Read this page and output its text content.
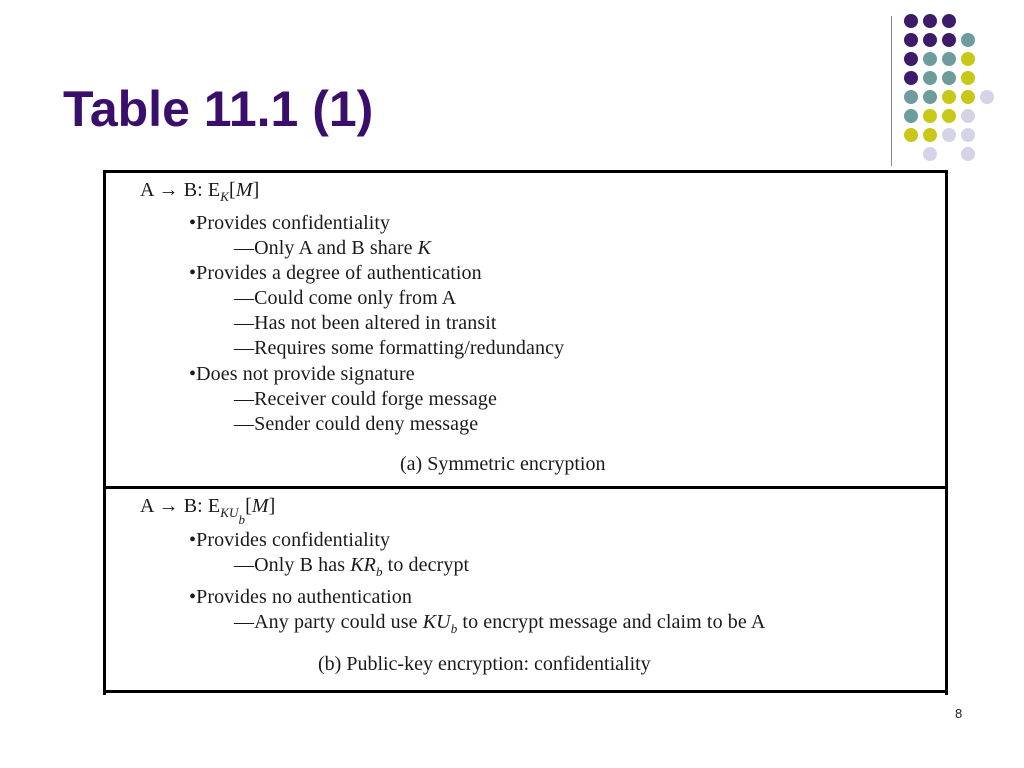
Table 11.1 (1)
A → B: $E_K[M]$
•Provides confidentiality
—Only A and B share K
•Provides a degree of authentication
—Could come only from A
—Has not been altered in transit
—Requires some formatting/redundancy
•Does not provide signature
—Receiver could forge message
—Sender could deny message
(a) Symmetric encryption
A → B: $E_{KUb}[M]$
•Provides confidentiality
—Only B has $KR_b$ to decrypt
•Provides no authentication
—Any party could use $KU_b$ to encrypt message and claim to be A
(b) Public-key encryption: confidentiality
8
